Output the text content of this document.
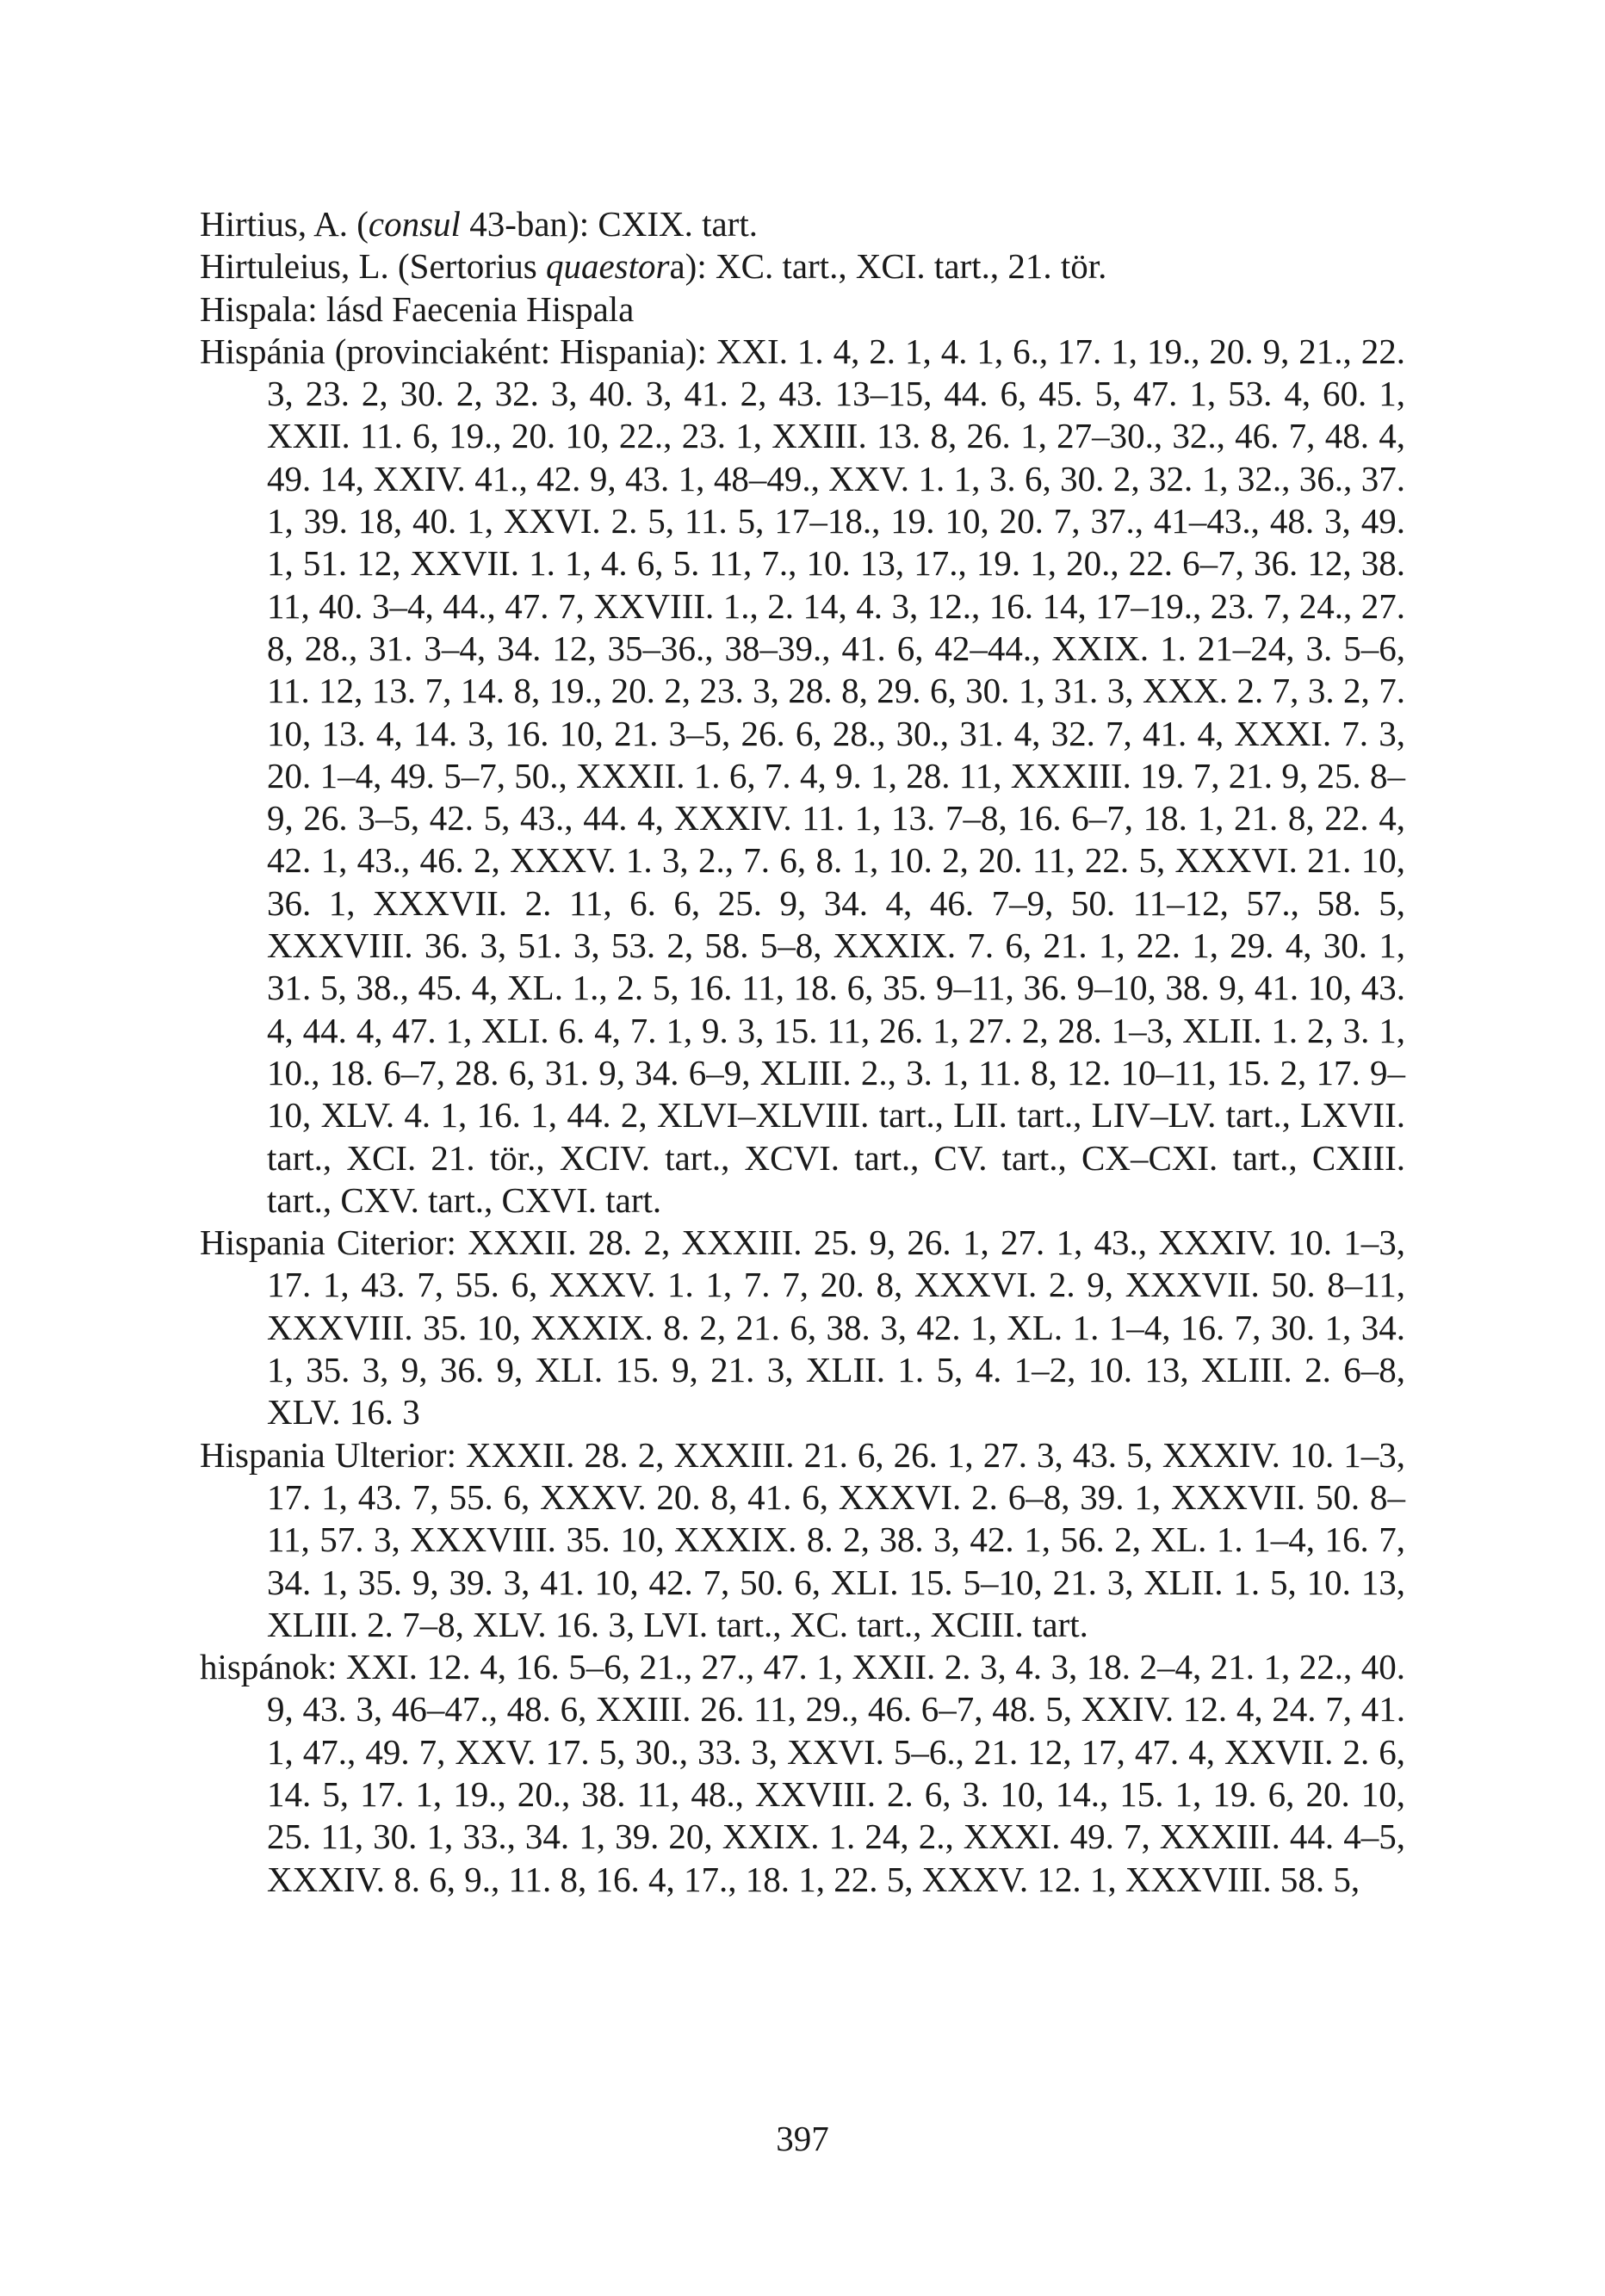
Hirtius, A. (consul 43-ban): CXIX. tart.

Hirtuleius, L. (Sertorius quaestora): XC. tart., XCI. tart., 21. tör.

Hispala: lásd Faecenia Hispala

Hispánia (provinciaként: Hispania): XXI. 1. 4, 2. 1, 4. 1, 6., 17. 1, 19., 20. 9, 21., 22. 3, 23. 2, 30. 2, 32. 3, 40. 3, 41. 2, 43. 13–15, 44. 6, 45. 5, 47. 1, 53. 4, 60. 1, XXII. 11. 6, 19., 20. 10, 22., 23. 1, XXIII. 13. 8, 26. 1, 27–30., 32., 46. 7, 48. 4, 49. 14, XXIV. 41., 42. 9, 43. 1, 48–49., XXV. 1. 1, 3. 6, 30. 2, 32. 1, 32., 36., 37. 1, 39. 18, 40. 1, XXVI. 2. 5, 11. 5, 17–18., 19. 10, 20. 7, 37., 41–43., 48. 3, 49. 1, 51. 12, XXVII. 1. 1, 4. 6, 5. 11, 7., 10. 13, 17., 19. 1, 20., 22. 6–7, 36. 12, 38. 11, 40. 3–4, 44., 47. 7, XXVIII. 1., 2. 14, 4. 3, 12., 16. 14, 17–19., 23. 7, 24., 27. 8, 28., 31. 3–4, 34. 12, 35–36., 38–39., 41. 6, 42–44., XXIX. 1. 21–24, 3. 5–6, 11. 12, 13. 7, 14. 8, 19., 20. 2, 23. 3, 28. 8, 29. 6, 30. 1, 31. 3, XXX. 2. 7, 3. 2, 7. 10, 13. 4, 14. 3, 16. 10, 21. 3–5, 26. 6, 28., 30., 31. 4, 32. 7, 41. 4, XXXI. 7. 3, 20. 1–4, 49. 5–7, 50., XXXII. 1. 6, 7. 4, 9. 1, 28. 11, XXXIII. 19. 7, 21. 9, 25. 8–9, 26. 3–5, 42. 5, 43., 44. 4, XXXIV. 11. 1, 13. 7–8, 16. 6–7, 18. 1, 21. 8, 22. 4, 42. 1, 43., 46. 2, XXXV. 1. 3, 2., 7. 6, 8. 1, 10. 2, 20. 11, 22. 5, XXXVI. 21. 10, 36. 1, XXXVII. 2. 11, 6. 6, 25. 9, 34. 4, 46. 7–9, 50. 11–12, 57., 58. 5, XXXVIII. 36. 3, 51. 3, 53. 2, 58. 5–8, XXXIX. 7. 6, 21. 1, 22. 1, 29. 4, 30. 1, 31. 5, 38., 45. 4, XL. 1., 2. 5, 16. 11, 18. 6, 35. 9–11, 36. 9–10, 38. 9, 41. 10, 43. 4, 44. 4, 47. 1, XLI. 6. 4, 7. 1, 9. 3, 15. 11, 26. 1, 27. 2, 28. 1–3, XLII. 1. 2, 3. 1, 10., 18. 6–7, 28. 6, 31. 9, 34. 6–9, XLIII. 2., 3. 1, 11. 8, 12. 10–11, 15. 2, 17. 9–10, XLV. 4. 1, 16. 1, 44. 2, XLVI–XLVIII. tart., LII. tart., LIV–LV. tart., LXVII. tart., XCI. 21. tör., XCIV. tart., XCVI. tart., CV. tart., CX–CXI. tart., CXIII. tart., CXV. tart., CXVI. tart.

Hispania Citerior: XXXII. 28. 2, XXXIII. 25. 9, 26. 1, 27. 1, 43., XXXIV. 10. 1–3, 17. 1, 43. 7, 55. 6, XXXV. 1. 1, 7. 7, 20. 8, XXXVI. 2. 9, XXXVII. 50. 8–11, XXXVIII. 35. 10, XXXIX. 8. 2, 21. 6, 38. 3, 42. 1, XL. 1. 1–4, 16. 7, 30. 1, 34. 1, 35. 3, 9, 36. 9, XLI. 15. 9, 21. 3, XLII. 1. 5, 4. 1–2, 10. 13, XLIII. 2. 6–8, XLV. 16. 3

Hispania Ulterior: XXXII. 28. 2, XXXIII. 21. 6, 26. 1, 27. 3, 43. 5, XXXIV. 10. 1–3, 17. 1, 43. 7, 55. 6, XXXV. 20. 8, 41. 6, XXXVI. 2. 6–8, 39. 1, XXXVII. 50. 8–11, 57. 3, XXXVIII. 35. 10, XXXIX. 8. 2, 38. 3, 42. 1, 56. 2, XL. 1. 1–4, 16. 7, 34. 1, 35. 9, 39. 3, 41. 10, 42. 7, 50. 6, XLI. 15. 5–10, 21. 3, XLII. 1. 5, 10. 13, XLIII. 2. 7–8, XLV. 16. 3, LVI. tart., XC. tart., XCIII. tart.

hispánok: XXI. 12. 4, 16. 5–6, 21., 27., 47. 1, XXII. 2. 3, 4. 3, 18. 2–4, 21. 1, 22., 40. 9, 43. 3, 46–47., 48. 6, XXIII. 26. 11, 29., 46. 6–7, 48. 5, XXIV. 12. 4, 24. 7, 41. 1, 47., 49. 7, XXV. 17. 5, 30., 33. 3, XXVI. 5–6., 21. 12, 17, 47. 4, XXVII. 2. 6, 14. 5, 17. 1, 19., 20., 38. 11, 48., XXVIII. 2. 6, 3. 10, 14., 15. 1, 19. 6, 20. 10, 25. 11, 30. 1, 33., 34. 1, 39. 20, XXIX. 1. 24, 2., XXXI. 49. 7, XXXIII. 44. 4–5, XXXIV. 8. 6, 9., 11. 8, 16. 4, 17., 18. 1, 22. 5, XXXV. 12. 1, XXXVIII. 58. 5,

397
